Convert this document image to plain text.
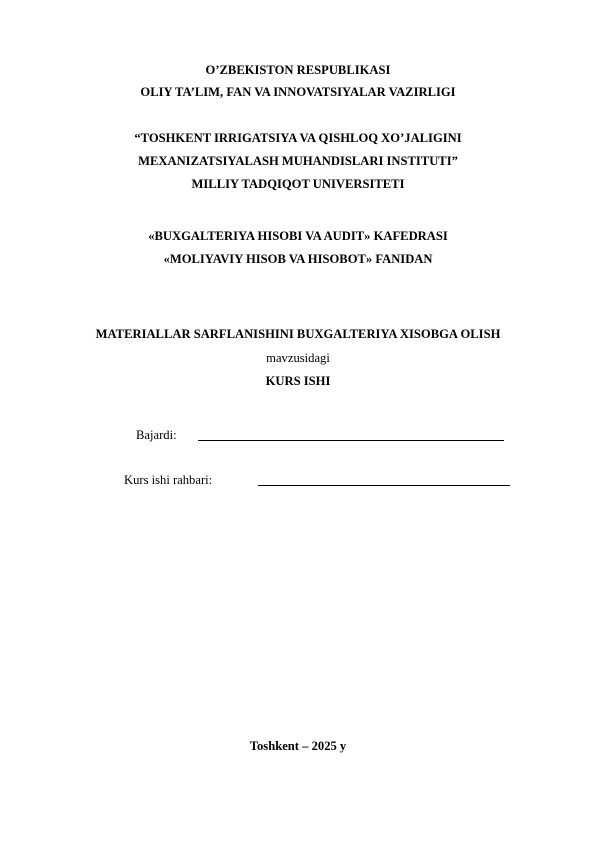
O’ZBEKISTON RESPUBLIKASI
OLIY TA’LIM, FAN VA INNOVATSIYALAR VAZIRLIGI
“TOSHKENT IRRIGATSIYA VA QISHLOQ XO’JALIGINI
MEXANIZATSIYALASH MUHANDISLARI INSTITUTI”
MILLIY TADQIQOT UNIVERSITETI
«BUXGALTERIYA HISOBI VA AUDIT» KAFEDRASI
«MOLIYAVIY HISOB VA HISOBOT» FANIDAN
MATERIALLAR SARFLANISHINI BUXGALTERIYA XISOBGA OLISH
mavzusidagi
KURS ISHI
Bajardi:
Kurs ishi rahbari:
Toshkent – 2025 y
